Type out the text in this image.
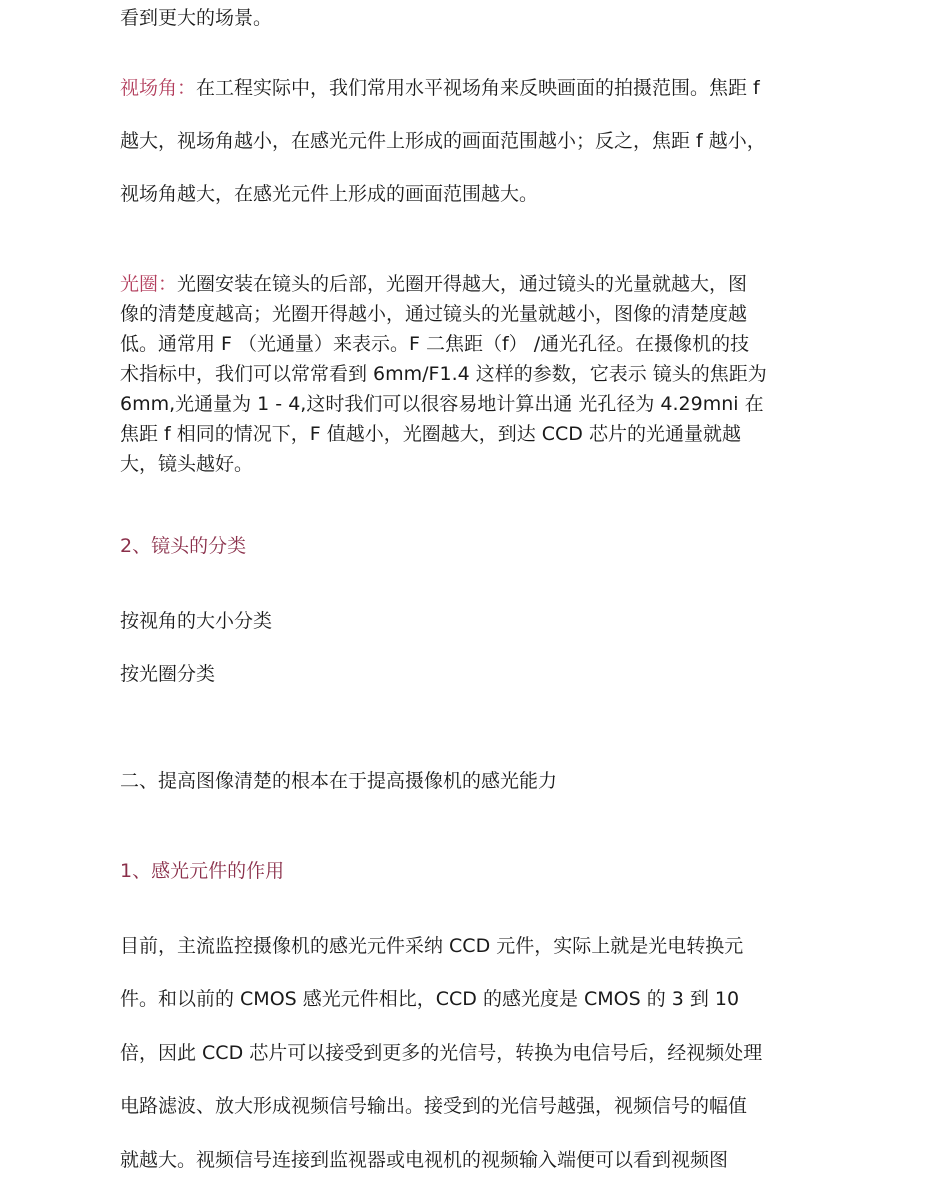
看到更大的场景。
视场角：在工程实际中，我们常用水平视场角来反映画面的拍摄范围。焦距 f
越大，视场角越小，在感光元件上形成的画面范围越小；反之，焦距 f 越小，
视场角越大，在感光元件上形成的画面范围越大。
光圈：光圈安装在镜头的后部，光圈开得越大，通过镜头的光量就越大，图
像的清楚度越高；光圈开得越小，通过镜头的光量就越小，图像的清楚度越
低。通常用 F （光通量）来表示。F 二焦距（f） /通光孔径。在摄像机的技
术指标中，我们可以常常看到 6mm/F1.4 这样的参数，它表示 镜头的焦距为
6mm,光通量为 1 - 4,这时我们可以很容易地计算出通 光孔径为 4.29mni 在
焦距 f 相同的情况下，F 值越小，光圈越大，到达 CCD 芯片的光通量就越
大，镜头越好。
2、镜头的分类
按视角的大小分类
按光圈分类
二、提高图像清楚的根本在于提高摄像机的感光能力
1、感光元件的作用
目前，主流监控摄像机的感光元件采纳 CCD 元件，实际上就是光电转换元
件。和以前的 CMOS 感光元件相比，CCD 的感光度是 CMOS 的 3 到 10
倍，因此 CCD 芯片可以接受到更多的光信号，转换为电信号后，经视频处理
电路滤波、放大形成视频信号输出。接受到的光信号越强，视频信号的幅值
就越大。视频信号连接到监视器或电视机的视频输入端便可以看到视频图
